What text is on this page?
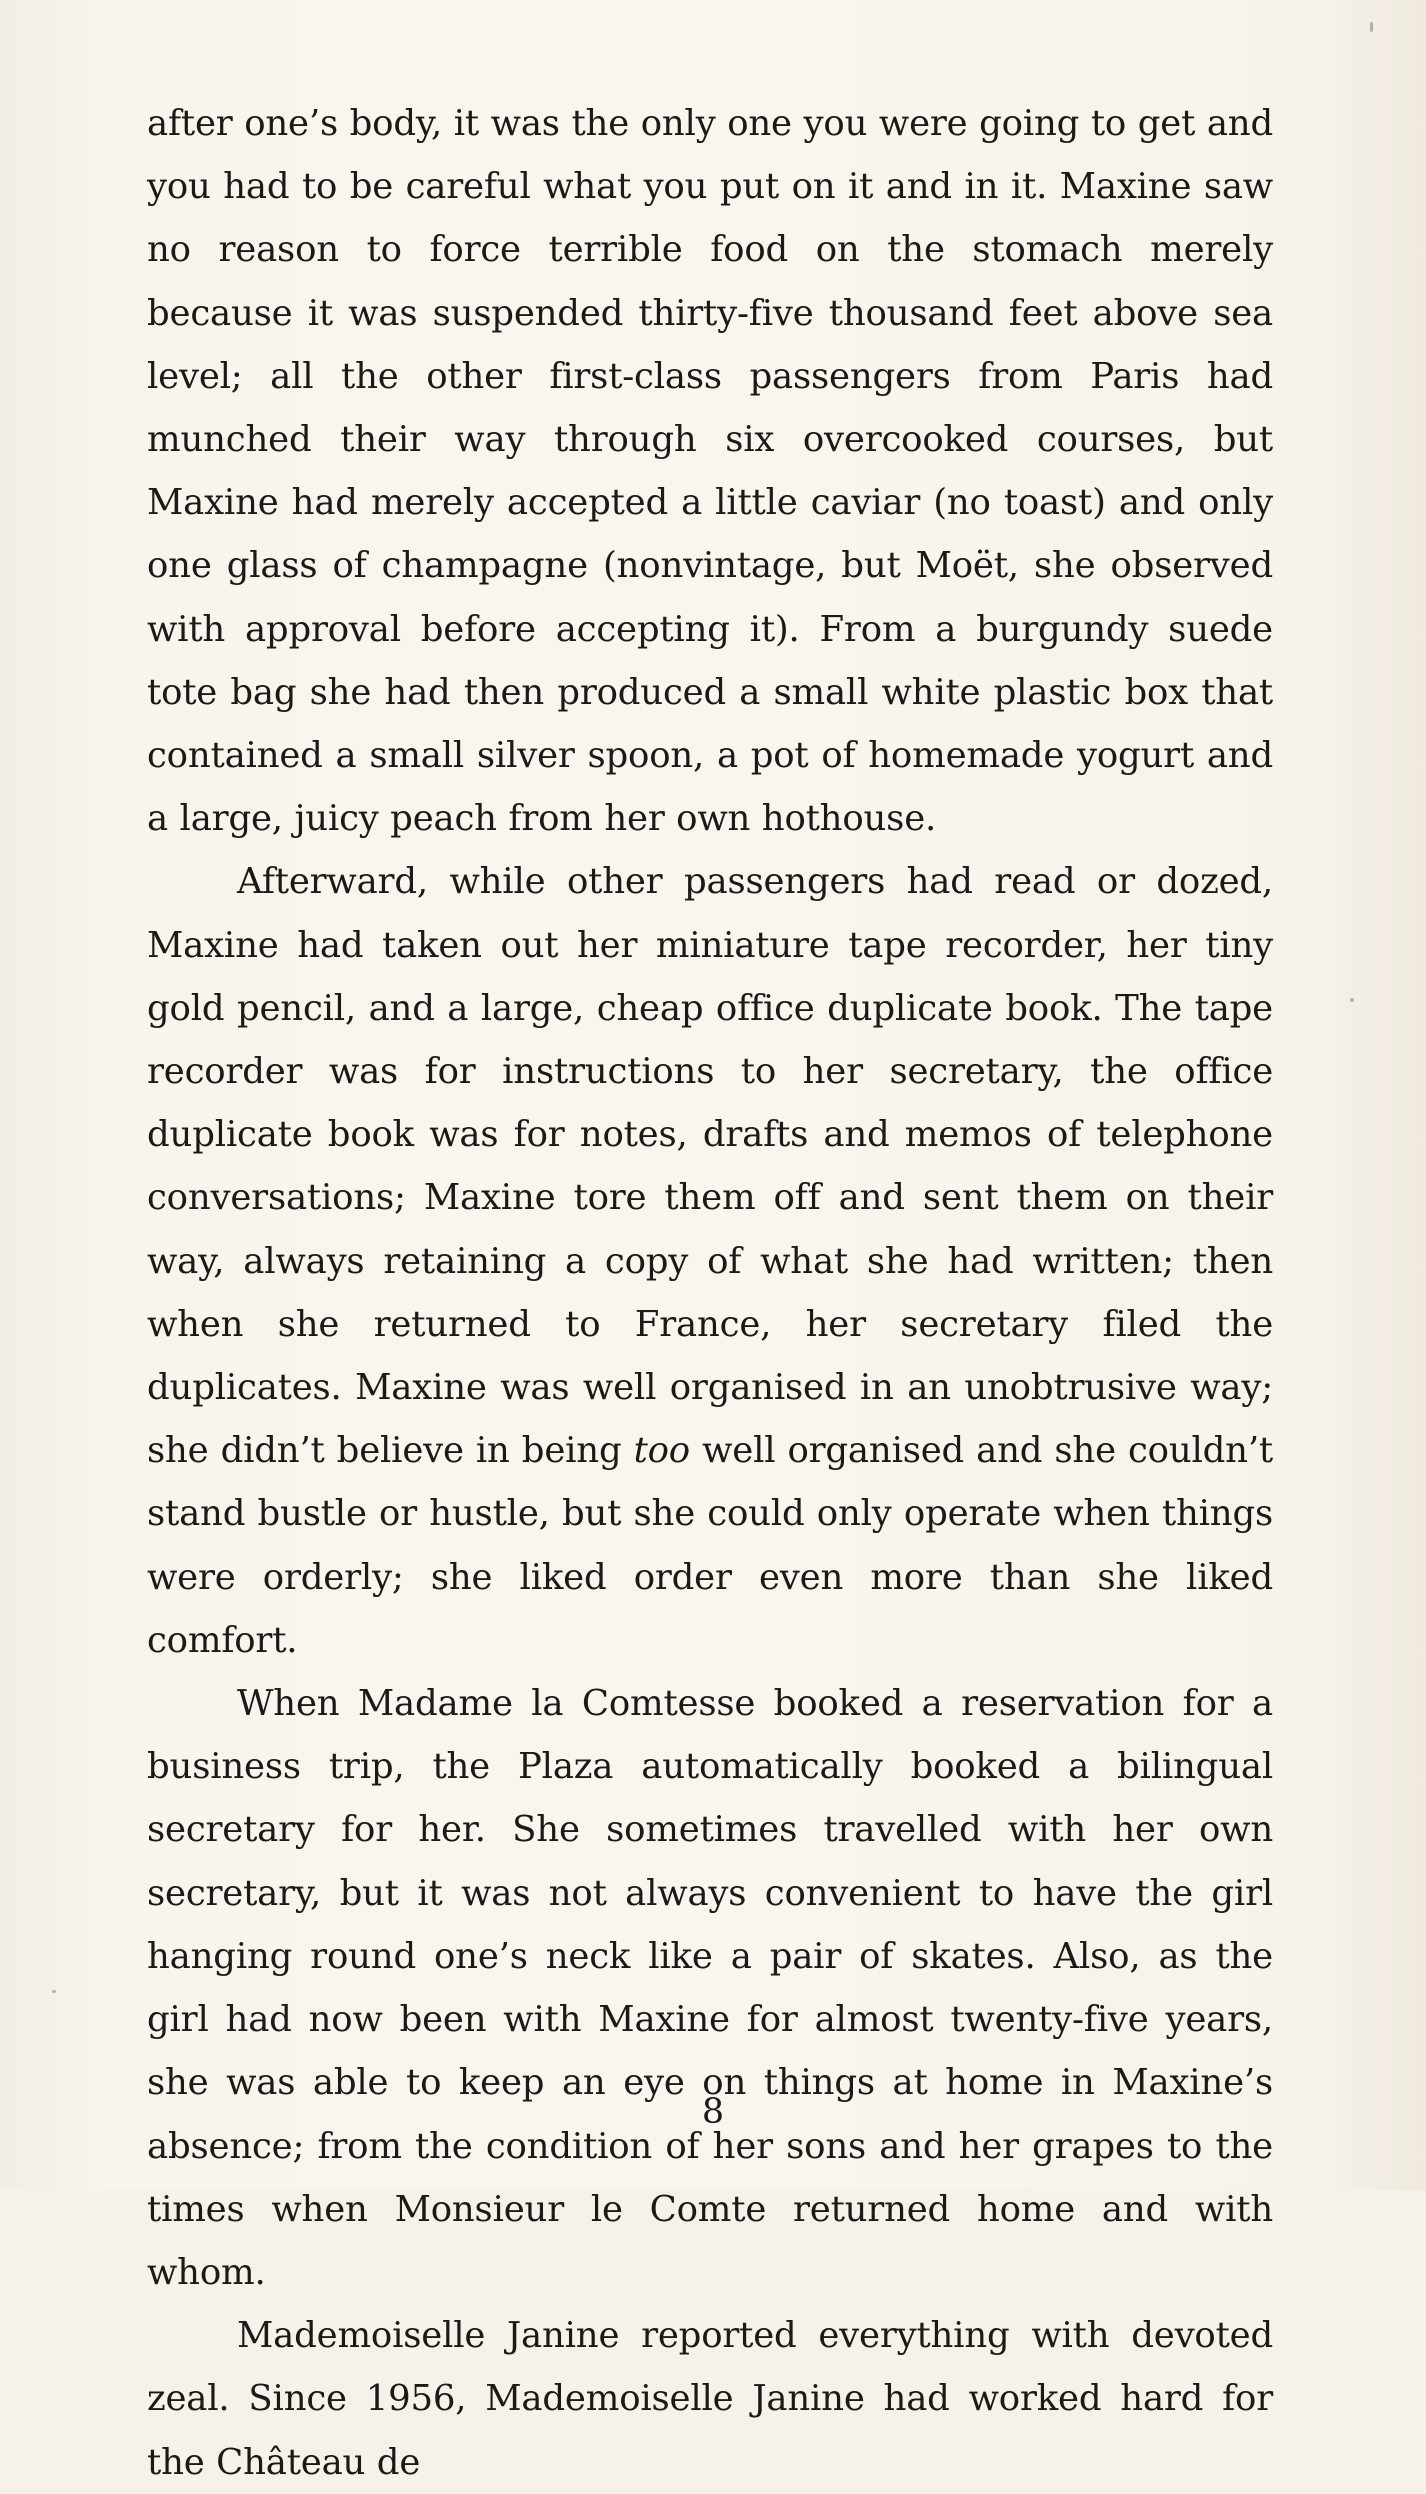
after one’s body, it was the only one you were going to get and you had to be careful what you put on it and in it. Maxine saw no reason to force terrible food on the stomach merely because it was suspended thirty-five thousand feet above sea level; all the other first-class passengers from Paris had munched their way through six overcooked courses, but Maxine had merely accepted a little caviar (no toast) and only one glass of champagne (nonvintage, but Moët, she observed with approval before accepting it). From a burgundy suede tote bag she had then produced a small white plastic box that contained a small silver spoon, a pot of homemade yogurt and a large, juicy peach from her own hothouse.

Afterward, while other passengers had read or dozed, Maxine had taken out her miniature tape recorder, her tiny gold pencil, and a large, cheap office duplicate book. The tape recorder was for instructions to her secretary, the office duplicate book was for notes, drafts and memos of telephone conversations; Maxine tore them off and sent them on their way, always retaining a copy of what she had written; then when she returned to France, her secretary filed the duplicates. Maxine was well organised in an unobtrusive way; she didn’t believe in being too well organised and she couldn’t stand bustle or hustle, but she could only operate when things were orderly; she liked order even more than she liked comfort.

When Madame la Comtesse booked a reservation for a business trip, the Plaza automatically booked a bilingual secretary for her. She sometimes travelled with her own secretary, but it was not always convenient to have the girl hanging round one’s neck like a pair of skates. Also, as the girl had now been with Maxine for almost twenty-five years, she was able to keep an eye on things at home in Maxine’s absence; from the condition of her sons and her grapes to the times when Monsieur le Comte returned home and with whom.

Mademoiselle Janine reported everything with devoted zeal. Since 1956, Mademoiselle Janine had worked hard for the Château de

8
